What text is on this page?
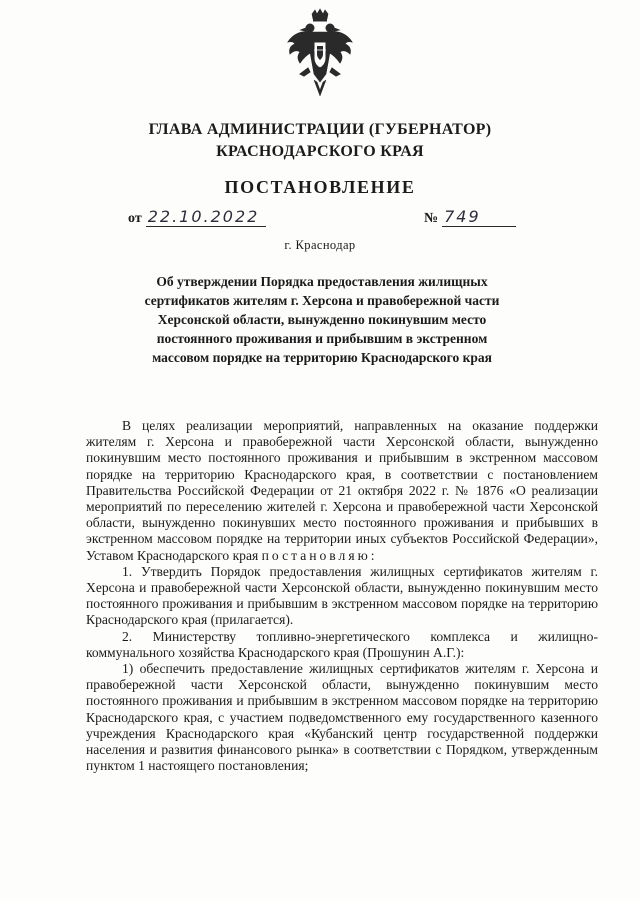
ГЛАВА АДМИНИСТРАЦИИ (ГУБЕРНАТОР)
КРАСНОДАРСКОГО КРАЯ
ПОСТАНОВЛЕНИЕ
от 22.10.2022	№ 749
г. Краснодар
Об утверждении Порядка предоставления жилищных сертификатов жителям г. Херсона и правобережной части Херсонской области, вынужденно покинувшим место постоянного проживания и прибывшим в экстренном массовом порядке на территорию Краснодарского края

В целях реализации мероприятий, направленных на оказание поддержки жителям г. Херсона и правобережной части Херсонской области, вынужденно покинувшим место постоянного проживания и прибывшим в экстренном массовом порядке на территорию Краснодарского края, в соответствии с постановлением Правительства Российской Федерации от 21 октября 2022 г. № 1876 «О реализации мероприятий по переселению жителей г. Херсона и правобережной части Херсонской области, вынужденно покинувших место постоянного проживания и прибывших в экстренном массовом порядке на территории иных субъектов Российской Федерации», Уставом Краснодарского края постановляю:

1. Утвердить Порядок предоставления жилищных сертификатов жителям г. Херсона и правобережной части Херсонской области, вынужденно покинувшим место постоянного проживания и прибывшим в экстренном массовом порядке на территорию Краснодарского края (прилагается).

2. Министерству топливно-энергетического комплекса и жилищно-коммунального хозяйства Краснодарского края (Прошунин А.Г.):

1) обеспечить предоставление жилищных сертификатов жителям г. Херсона и правобережной части Херсонской области, вынужденно покинувшим место постоянного проживания и прибывшим в экстренном массовом порядке на территорию Краснодарского края, с участием подведомственного ему государственного казенного учреждения Краснодарского края «Кубанский центр государственной поддержки населения и развития финансового рынка» в соответствии с Порядком, утвержденным пунктом 1 настоящего постановления;
